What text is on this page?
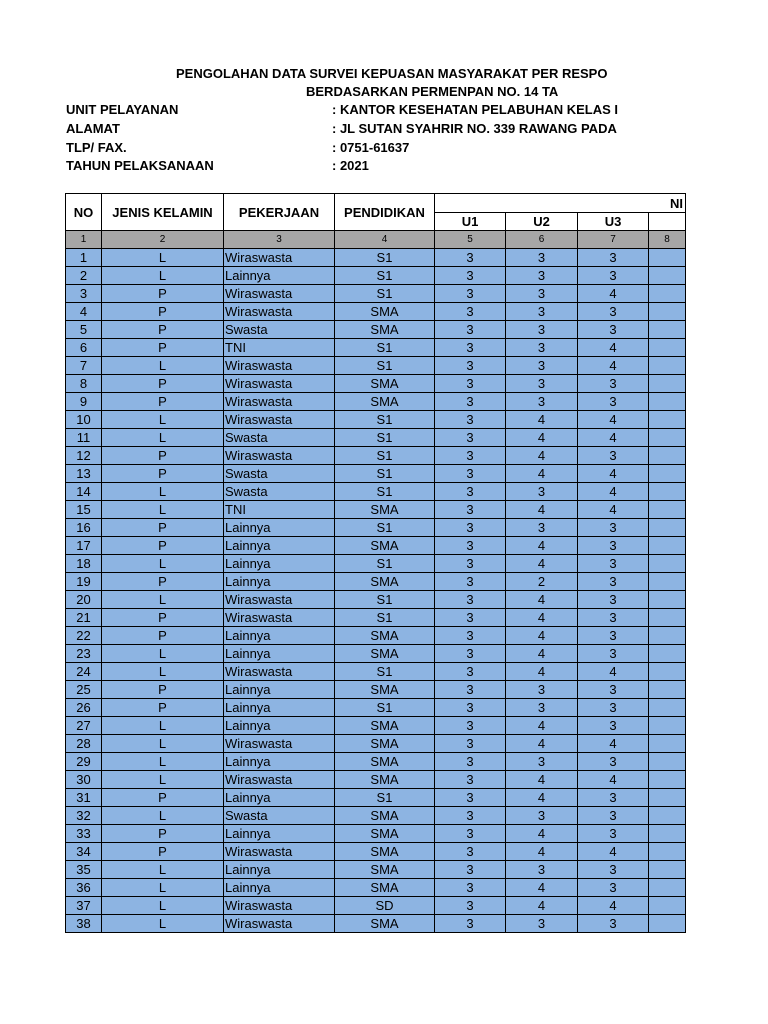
PENGOLAHAN DATA SURVEI KEPUASAN MASYARAKAT PER RESPO
BERDASARKAN PERMENPAN NO. 14 TA
UNIT PELAYANAN	: KANTOR KESEHATAN PELABUHAN KELAS I
ALAMAT	: JL SUTAN SYAHRIR NO. 339 RAWANG PADA
TLP/ FAX.	: 0751-61637
TAHUN PELAKSANAAN	: 2021
NO	JENIS KELAMIN	PEKERJAAN	PENDIDIKAN	NI			
				U1	U2	U3	
1	2	3	4	5	6	7	8
1	L	Wiraswasta	S1	3	3	3	
2	L	Lainnya	S1	3	3	3	
3	P	Wiraswasta	S1	3	3	4	
4	P	Wiraswasta	SMA	3	3	3	
5	P	Swasta	SMA	3	3	3	
6	P	TNI	S1	3	3	4	
7	L	Wiraswasta	S1	3	3	4	
8	P	Wiraswasta	SMA	3	3	3	
9	P	Wiraswasta	SMA	3	3	3	
10	L	Wiraswasta	S1	3	4	4	
11	L	Swasta	S1	3	4	4	
12	P	Wiraswasta	S1	3	4	3	
13	P	Swasta	S1	3	4	4	
14	L	Swasta	S1	3	3	4	
15	L	TNI	SMA	3	4	4	
16	P	Lainnya	S1	3	3	3	
17	P	Lainnya	SMA	3	4	3	
18	L	Lainnya	S1	3	4	3	
19	P	Lainnya	SMA	3	2	3	
20	L	Wiraswasta	S1	3	4	3	
21	P	Wiraswasta	S1	3	4	3	
22	P	Lainnya	SMA	3	4	3	
23	L	Lainnya	SMA	3	4	3	
24	L	Wiraswasta	S1	3	4	4	
25	P	Lainnya	SMA	3	3	3	
26	P	Lainnya	S1	3	3	3	
27	L	Lainnya	SMA	3	4	3	
28	L	Wiraswasta	SMA	3	4	4	
29	L	Lainnya	SMA	3	3	3	
30	L	Wiraswasta	SMA	3	4	4	
31	P	Lainnya	S1	3	4	3	
32	L	Swasta	SMA	3	3	3	
33	P	Lainnya	SMA	3	4	3	
34	P	Wiraswasta	SMA	3	4	4	
35	L	Lainnya	SMA	3	3	3	
36	L	Lainnya	SMA	3	4	3	
37	L	Wiraswasta	SD	3	4	4	
38	L	Wiraswasta	SMA	3	3	3	
